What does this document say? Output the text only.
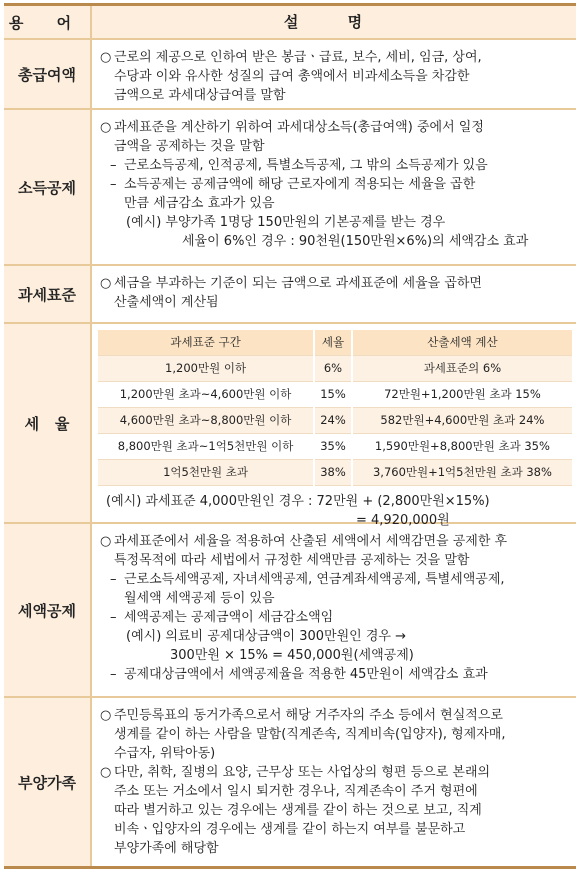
용 어	설 명
총급여액
○ 근로의 제공으로 인하여 받은 봉급ㆍ급료, 보수, 세비, 임금, 상여,
수당과 이와 유사한 성질의 급여 총액에서 비과세소득을 차감한
금액으로 과세대상급여를 말함
소득공제
○ 과세표준을 계산하기 위하여 과세대상소득(총급여액) 중에서 일정
금액을 공제하는 것을 말함
– 근로소득공제, 인적공제, 특별소득공제, 그 밖의 소득공제가 있음
– 소득공제는 공제금액에 해당 근로자에게 적용되는 세율을 곱한
만큼 세금감소 효과가 있음
(예시) 부양가족 1명당 150만원의 기본공제를 받는 경우
세율이 6%인 경우 : 90천원(150만원×6%)의 세액감소 효과
과세표준
○ 세금을 부과하는 기준이 되는 금액으로 과세표준에 세율을 곱하면
산출세액이 계산됨
세   율
과세표준 구간	세율	산출세액 계산
1,200만원 이하	6%	과세표준의 6%
1,200만원 초과~4,600만원 이하	15%	72만원+1,200만원 초과 15%
4,600만원 초과~8,800만원 이하	24%	582만원+4,600만원 초과 24%
8,800만원 초과~1억5천만원 이하	35%	1,590만원+8,800만원 초과 35%
1억5천만원 초과	38%	3,760만원+1억5천만원 초과 38%
(예시) 과세표준 4,000만원인 경우 : 72만원 + (2,800만원×15%)
= 4,920,000원
세액공제
○ 과세표준에서 세율을 적용하여 산출된 세액에서 세액감면을 공제한 후
특정목적에 따라 세법에서 규정한 세액만큼 공제하는 것을 말함
– 근로소득세액공제, 자녀세액공제, 연금계좌세액공제, 특별세액공제,
월세액 세액공제 등이 있음
– 세액공제는 공제금액이 세금감소액임
(예시) 의료비 공제대상금액이 300만원인 경우 →
300만원 × 15% = 450,000원(세액공제)
– 공제대상금액에서 세액공제율을 적용한 45만원이 세액감소 효과
부양가족
○ 주민등록표의 동거가족으로서 해당 거주자의 주소 등에서 현실적으로
생계를 같이 하는 사람을 말함(직계존속, 직계비속(입양자), 형제자매,
수급자, 위탁아동)
○ 다만, 취학, 질병의 요양, 근무상 또는 사업상의 형편 등으로 본래의
주소 또는 거소에서 일시 퇴거한 경우나, 직계존속이 주거 형편에
따라 별거하고 있는 경우에는 생계를 같이 하는 것으로 보고, 직계
비속ㆍ입양자의 경우에는 생계를 같이 하는지 여부를 불문하고
부양가족에 해당함
